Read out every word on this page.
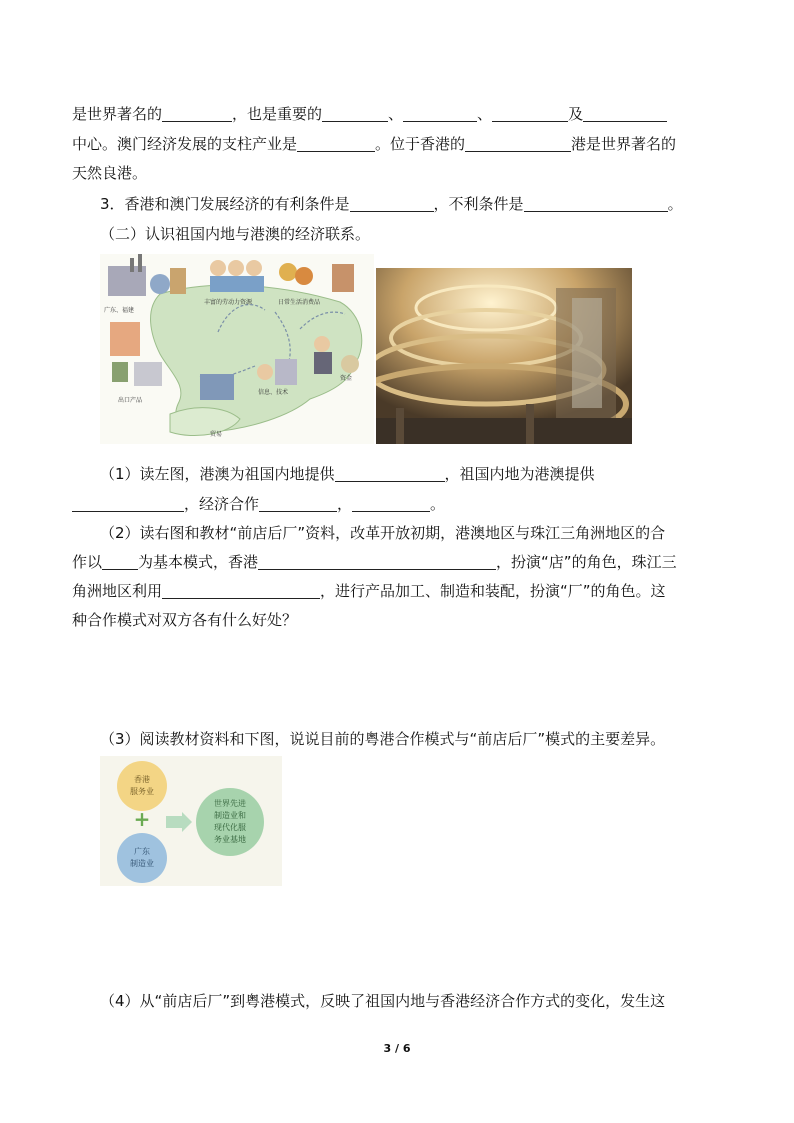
是世界著名的	，也是重要的	、	、	及
中心。澳门经济发展的支柱产业是	。位于香港的	港是世界著名的
天然良港。
3．香港和澳门发展经济的有利条件是	，不利条件是	。
（二）认识祖国内地与港澳的经济联系。
广东、福建
丰富的劳动力资源	日常生活消费品
出口产品
资金
贸易
信息、技术
（1）读左图，港澳为祖国内地提供	，祖国内地为港澳提供
，经济合作	，	。
（2）读右图和教材“前店后厂”资料，改革开放初期，港澳地区与珠江三角洲地区的合
作以 为基本模式，香港	，扮演“店”的角色，珠江三
角洲地区利用	，进行产品加工、制造和装配，扮演“厂”的角色。这
种合作模式对双方各有什么好处？
（3）阅读教材资料和下图，说说目前的粤港合作模式与“前店后厂”模式的主要差异。
香港
服务业
+
广东
制造业
世界先进
制造业和
现代化服
务业基地
（4）从“前店后厂”到粤港模式，反映了祖国内地与香港经济合作方式的变化，发生这
3 / 6
